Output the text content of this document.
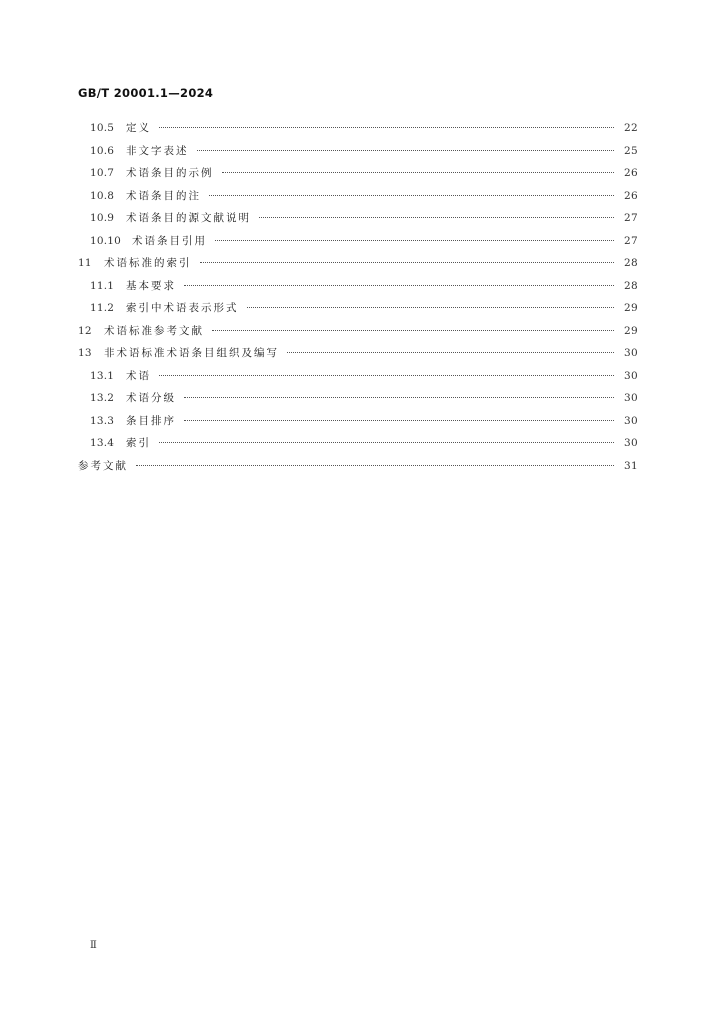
GB/T 20001.1—2024
10.5	定义	22
10.6	非文字表述	25
10.7	术语条目的示例	26
10.8	术语条目的注	26
10.9	术语条目的源文献说明	27
10.10	术语条目引用	27
11	术语标准的索引	28
11.1	基本要求	28
11.2	索引中术语表示形式	29
12	术语标准参考文献	29
13	非术语标准术语条目组织及编写	30
13.1	术语	30
13.2	术语分级	30
13.3	条目排序	30
13.4	索引	30
参考文献	31
Ⅱ
